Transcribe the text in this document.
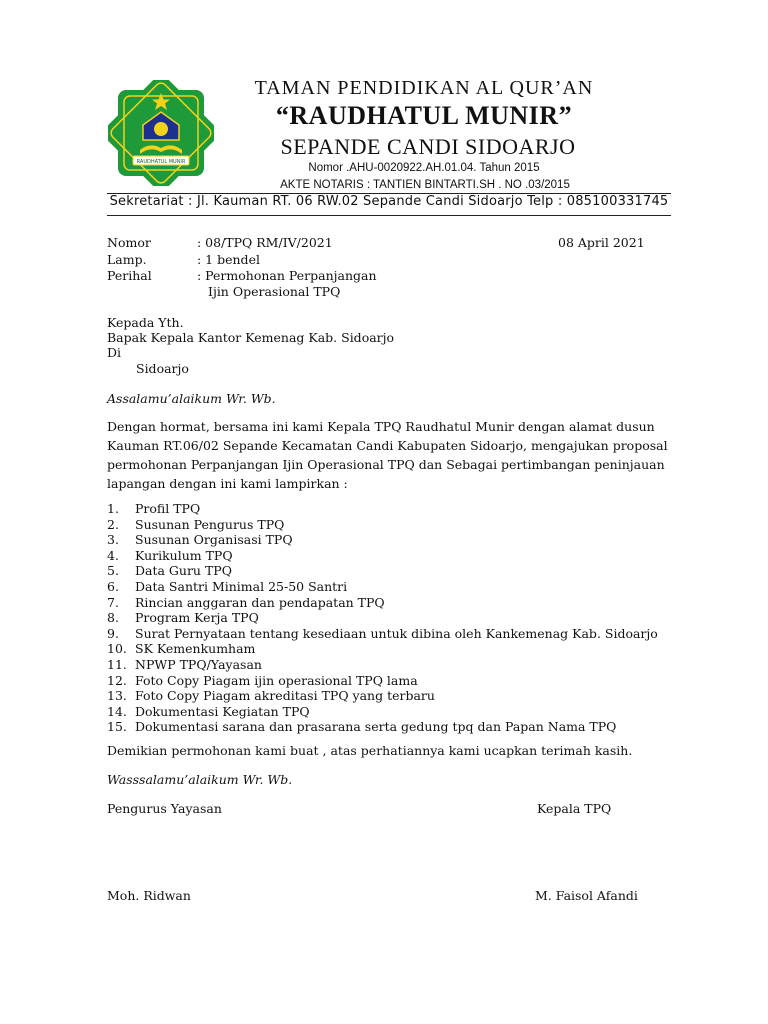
RAUDHATUL MUNIR
TAMAN PENDIDIKAN AL QUR’AN
“RAUDHATUL MUNIR”
SEPANDE CANDI SIDOARJO
Nomor .AHU-0020922.AH.01.04. Tahun 2015
AKTE NOTARIS : TANTIEN BINTARTI.SH . NO .03/2015
Sekretariat : Jl. Kauman RT. 06 RW.02 Sepande Candi Sidoarjo Telp : 085100331745
Nomor	: 08/TPQ RM/IV/2021	08 April 2021
Lamp.	: 1 bendel
Perihal	: Permohonan Perpanjangan
Ijin Operasional TPQ
Kepada Yth.
Bapak Kepala Kantor Kemenag Kab. Sidoarjo
Di
Sidoarjo
Assalamu’alaikum Wr. Wb.
Dengan hormat, bersama ini kami Kepala TPQ Raudhatul Munir dengan alamat dusun
Kauman RT.06/02 Sepande Kecamatan Candi Kabupaten Sidoarjo, mengajukan proposal
permohonan Perpanjangan Ijin Operasional TPQ dan Sebagai pertimbangan peninjauan
lapangan dengan ini kami lampirkan :
1. Profil TPQ
2. Susunan Pengurus TPQ
3. Susunan Organisasi TPQ
4. Kurikulum TPQ
5. Data Guru TPQ
6. Data Santri Minimal 25-50 Santri
7. Rincian anggaran dan pendapatan TPQ
8. Program Kerja TPQ
9. Surat Pernyataan tentang kesediaan untuk dibina oleh Kankemenag Kab. Sidoarjo
10. SK Kemenkumham
11. NPWP TPQ/Yayasan
12. Foto Copy Piagam ijin operasional TPQ lama
13. Foto Copy Piagam akreditasi TPQ yang terbaru
14. Dokumentasi Kegiatan TPQ
15. Dokumentasi sarana dan prasarana serta gedung tpq dan Papan Nama TPQ
Demikian permohonan kami buat , atas perhatiannya kami ucapkan terimah kasih.
Wasssalamu’alaikum Wr. Wb.
Pengurus Yayasan	Kepala TPQ
Moh. Ridwan	M. Faisol Afandi
